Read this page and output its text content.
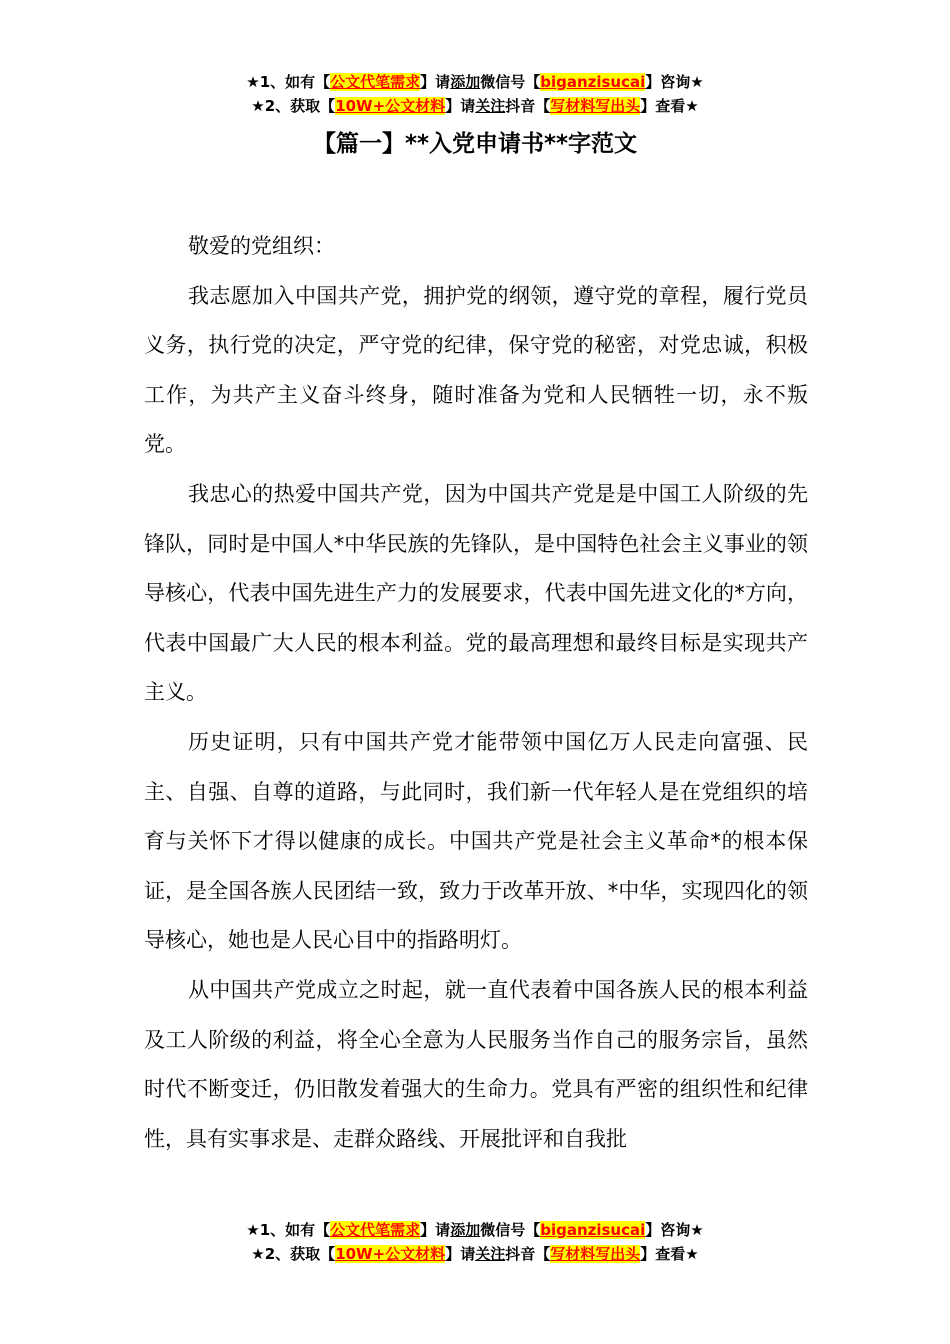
★1、如有【公文代笔需求】请添加微信号【biganzisucai】咨询★
★2、获取【10W+公文材料】请关注抖音【写材料写出头】查看★
【篇一】**入党申请书**字范文

敬爱的党组织：

我志愿加入中国共产党，拥护党的纲领，遵守党的章程，履行党员义务，执行党的决定，严守党的纪律，保守党的秘密，对党忠诚，积极工作，为共产主义奋斗终身，随时准备为党和人民牺牲一切，永不叛党。

我忠心的热爱中国共产党，因为中国共产党是是中国工人阶级的先锋队，同时是中国人*中华民族的先锋队，是中国特色社会主义事业的领导核心，代表中国先进生产力的发展要求，代表中国先进文化的*方向，代表中国最广大人民的根本利益。党的最高理想和最终目标是实现共产主义。

历史证明，只有中国共产党才能带领中国亿万人民走向富强、民主、自强、自尊的道路，与此同时，我们新一代年轻人是在党组织的培育与关怀下才得以健康的成长。中国共产党是社会主义革命*的根本保证，是全国各族人民团结一致，致力于改革开放、*中华，实现四化的领导核心，她也是人民心目中的指路明灯。

从中国共产党成立之时起，就一直代表着中国各族人民的根本利益及工人阶级的利益，将全心全意为人民服务当作自己的服务宗旨，虽然时代不断变迁，仍旧散发着强大的生命力。党具有严密的组织性和纪律性，具有实事求是、走群众路线、开展批评和自我批

★1、如有【公文代笔需求】请添加微信号【biganzisucai】咨询★
★2、获取【10W+公文材料】请关注抖音【写材料写出头】查看★
